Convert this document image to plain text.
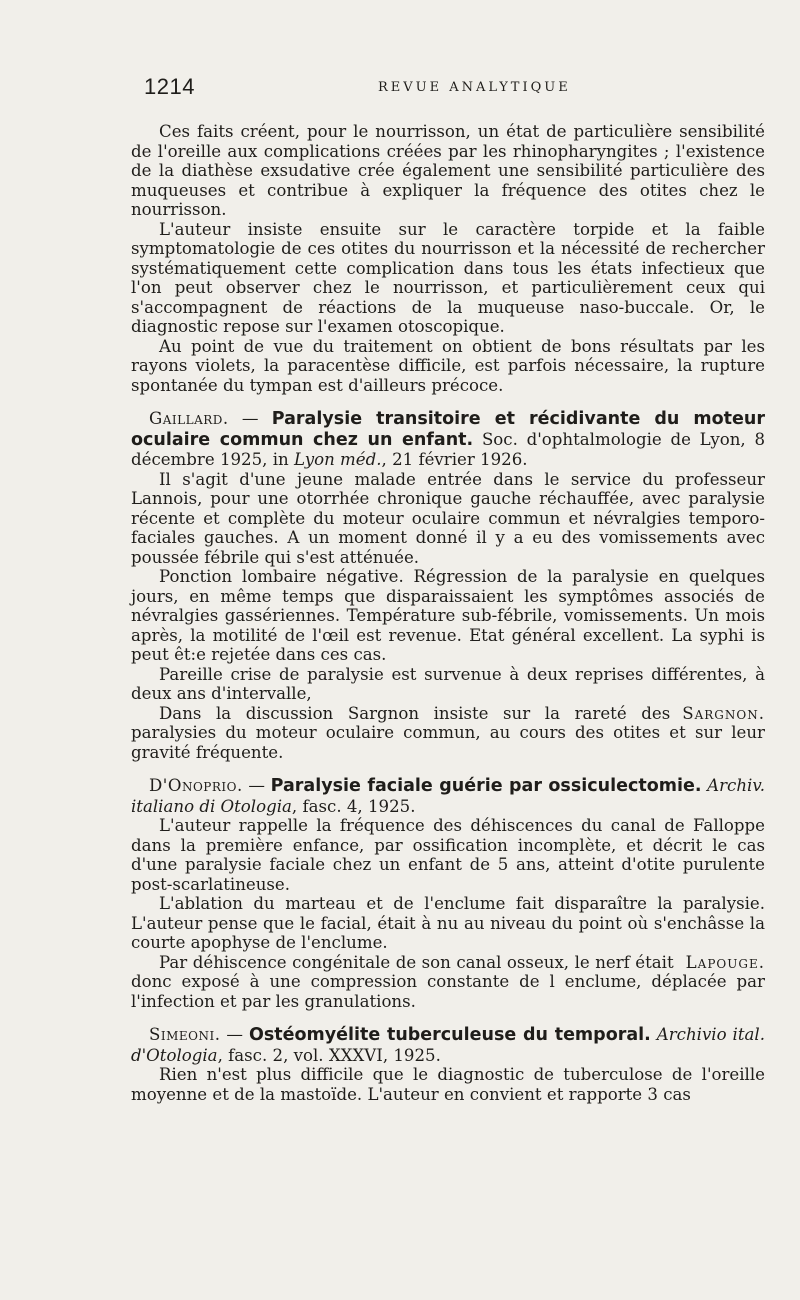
1214	REVUE ANALYTIQUE

Ces faits créent, pour le nourrisson, un état de particulière sensibilité de l'oreille aux complications créées par les rhinopharyngites ; l'existence de la diathèse exsudative crée également une sensibilité particulière des muqueuses et contribue à expliquer la fréquence des otites chez le nourrisson.

L'auteur insiste ensuite sur le caractère torpide et la faible symptomatologie de ces otites du nourrisson et la nécessité de rechercher systématiquement cette complication dans tous les états infectieux que l'on peut observer chez le nourrisson, et particulièrement ceux qui s'accompagnent de réactions de la muqueuse naso-buccale. Or, le diagnostic repose sur l'examen otoscopique.

Au point de vue du traitement on obtient de bons résultats par les rayons violets, la paracentèse difficile, est parfois nécessaire, la rupture spontanée du tympan est d'ailleurs précoce.

Gaillard. — Paralysie transitoire et récidivante du moteur oculaire commun chez un enfant. Soc. d'ophtalmologie de Lyon, 8 décembre 1925, in Lyon méd., 21 février 1926.

Il s'agit d'une jeune malade entrée dans le service du professeur Lannois, pour une otorrhée chronique gauche réchauffée, avec paralysie récente et complète du moteur oculaire commun et névralgies temporo-faciales gauches. A un moment donné il y a eu des vomissements avec poussée fébrile qui s'est atténuée.

Ponction lombaire négative. Régression de la paralysie en quelques jours, en même temps que disparaissaient les symptômes associés de névralgies gassériennes. Température sub-fébrile, vomissements. Un mois après, la motilité de l'œil est revenue. Etat général excellent. La syphi is peut êt:e rejetée dans ces cas.

Pareille crise de paralysie est survenue à deux reprises différentes, à deux ans d'intervalle,

Sargnon.
Dans la discussion Sargnon insiste sur la rareté des paralysies du moteur oculaire commun, au cours des otites et sur leur gravité fréquente.

D'Onoprio. — Paralysie faciale guérie par ossiculectomie. Archiv. italiano di Otologia, fasc. 4, 1925.

L'auteur rappelle la fréquence des déhiscences du canal de Falloppe dans la première enfance, par ossification incomplète, et décrit le cas d'une paralysie faciale chez un enfant de 5 ans, atteint d'otite purulente post-scarlatineuse.

L'ablation du marteau et de l'enclume fait disparaître la paralysie. L'auteur pense que le facial, était à nu au niveau du point où s'enchâsse la courte apophyse de l'enclume.

Lapouge.
Par déhiscence congénitale de son canal osseux, le nerf était donc exposé à une compression constante de l enclume, déplacée par l'infection et par les granulations.

Simeoni. — Ostéomyélite tuberculeuse du temporal. Archivio ital. d'Otologia, fasc. 2, vol. XXXVI, 1925.

Rien n'est plus difficile que le diagnostic de tuberculose de l'oreille moyenne et de la mastoïde. L'auteur en convient et rapporte 3 cas
